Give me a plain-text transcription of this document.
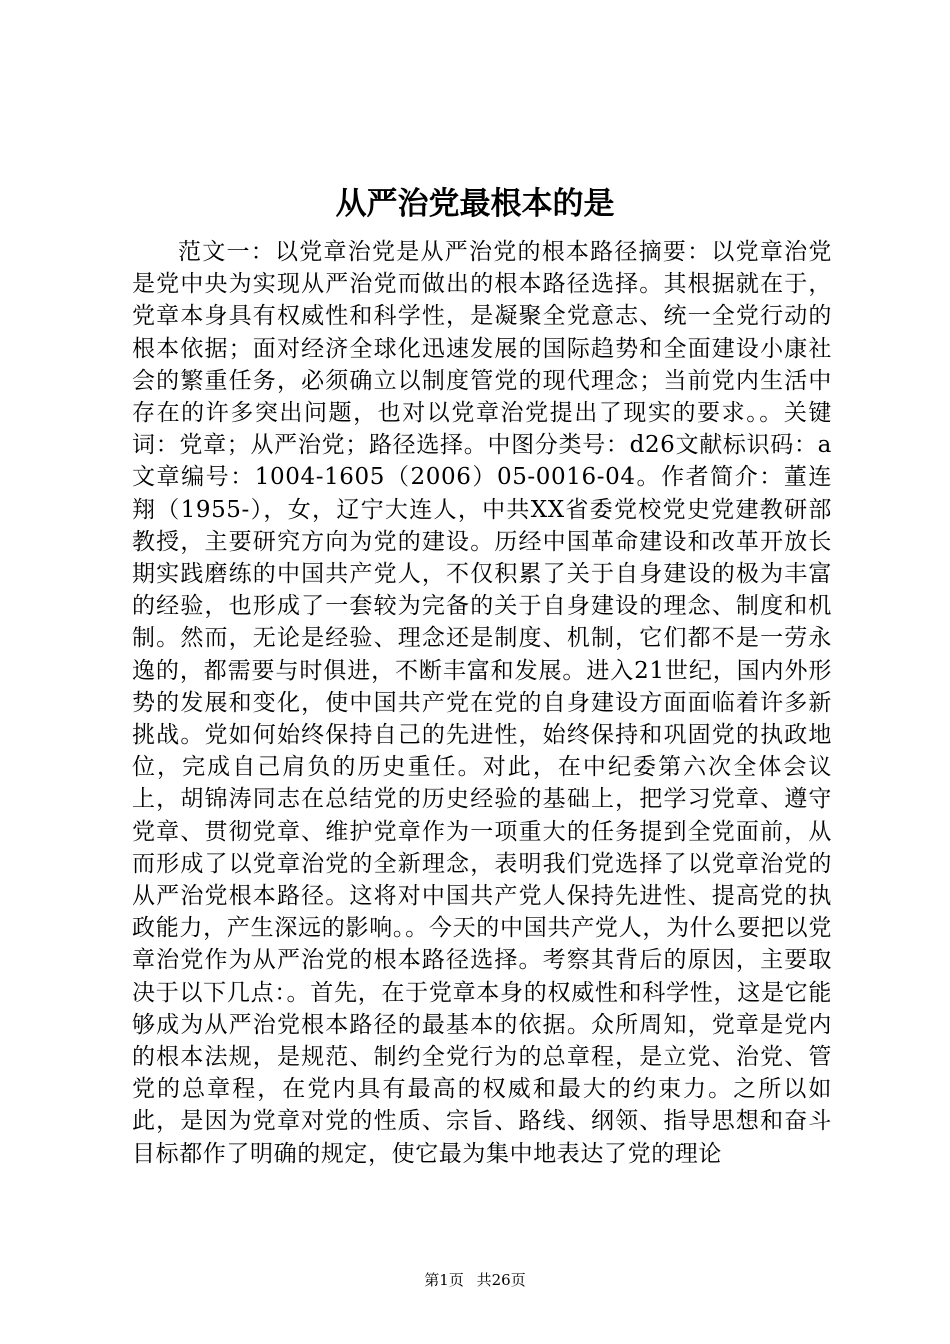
从严治党最根本的是

范文一：以党章治党是从严治党的根本路径摘要：以党章治党是党中央为实现从严治党而做出的根本路径选择。其根据就在于，党章本身具有权威性和科学性，是凝聚全党意志、统一全党行动的根本依据；面对经济全球化迅速发展的国际趋势和全面建设小康社会的繁重任务，必须确立以制度管党的现代理念；当前党内生活中存在的许多突出问题，也对以党章治党提出了现实的要求。。关键词：党章；从严治党；路径选择。中图分类号：d26文献标识码：a文章编号：1004-1605（2006）05-0016-04。作者简介：董连翔（1955-），女，辽宁大连人，中共XX省委党校党史党建教研部教授，主要研究方向为党的建设。历经中国革命建设和改革开放长期实践磨练的中国共产党人，不仅积累了关于自身建设的极为丰富的经验，也形成了一套较为完备的关于自身建设的理念、制度和机制。然而，无论是经验、理念还是制度、机制，它们都不是一劳永逸的，都需要与时俱进，不断丰富和发展。进入21世纪，国内外形势的发展和变化，使中国共产党在党的自身建设方面面临着许多新挑战。党如何始终保持自己的先进性，始终保持和巩固党的执政地位，完成自己肩负的历史重任。对此，在中纪委第六次全体会议上，胡锦涛同志在总结党的历史经验的基础上，把学习党章、遵守党章、贯彻党章、维护党章作为一项重大的任务提到全党面前，从而形成了以党章治党的全新理念，表明我们党选择了以党章治党的从严治党根本路径。这将对中国共产党人保持先进性、提高党的执政能力，产生深远的影响。。今天的中国共产党人，为什么要把以党章治党作为从严治党的根本路径选择。考察其背后的原因，主要取决于以下几点：。首先，在于党章本身的权威性和科学性，这是它能够成为从严治党根本路径的最基本的依据。众所周知，党章是党内的根本法规，是规范、制约全党行为的总章程，是立党、治党、管党的总章程，在党内具有最高的权威和最大的约束力。之所以如此，是因为党章对党的性质、宗旨、路线、纲领、指导思想和奋斗目标都作了明确的规定，使它最为集中地表达了党的理论

第1页 共26页
